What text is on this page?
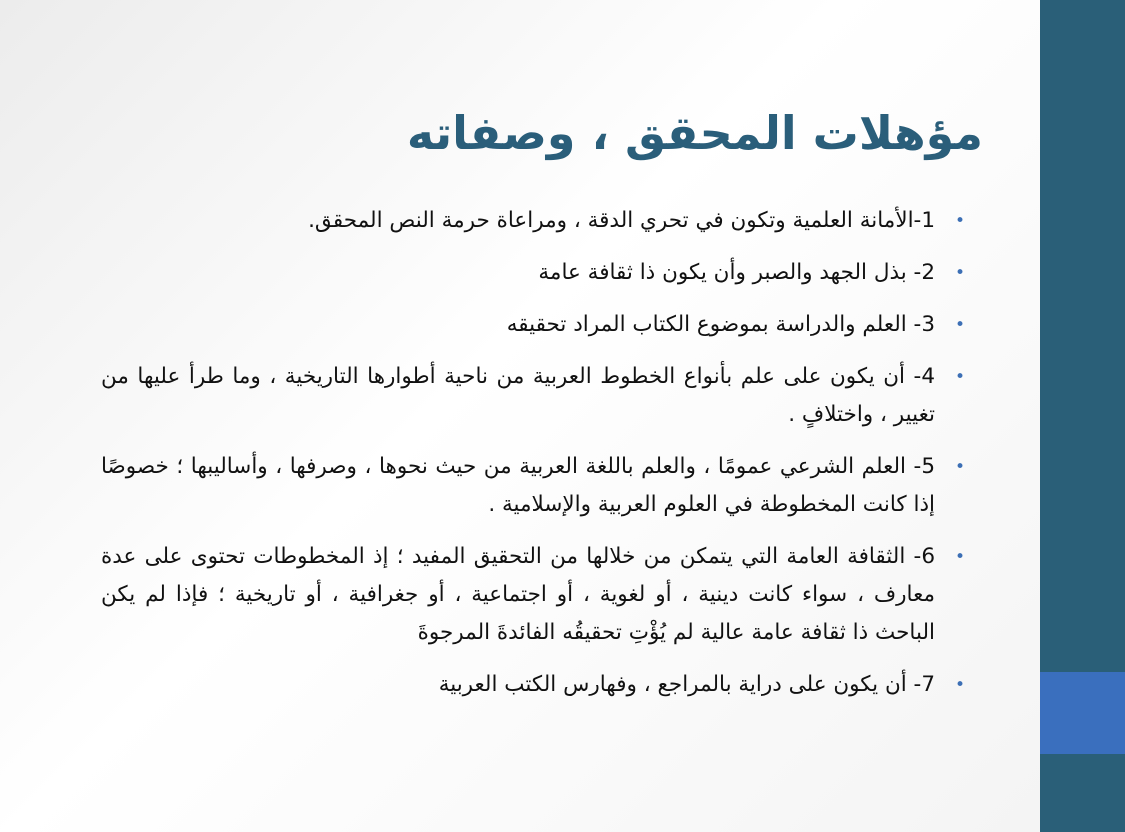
مؤهلات المحقق ، وصفاته
•
1-الأمانة العلمية وتكون في تحري الدقة ، ومراعاة حرمة النص المحقق.
•
2- بذل الجهد والصبر وأن يكون ذا ثقافة عامة
•
3- العلم والدراسة بموضوع الكتاب المراد تحقيقه
•
4- أن يكون على علم بأنواع الخطوط العربية من ناحية أطوارها التاريخية ، وما طرأ عليها من تغيير ، واختلافٍ .
•
5- العلم الشرعي عمومًا ، والعلم باللغة العربية من حيث نحوها ، وصرفها ، وأساليبها ؛ خصوصًا إذا كانت المخطوطة في العلوم العربية والإسلامية .
•
6- الثقافة العامة التي يتمكن من خلالها من التحقيق المفيد ؛ إذ المخطوطات تحتوى على عدة معارف ، سواء كانت دينية ، أو لغوية ، أو اجتماعية ، أو جغرافية ، أو تاريخية ؛ فإذا لم يكن الباحث ذا ثقافة عامة عالية لم يُؤْتِ تحقيقُه الفائدةَ المرجوةَ
•
7- أن يكون على دراية بالمراجع ، وفهارس الكتب العربية
